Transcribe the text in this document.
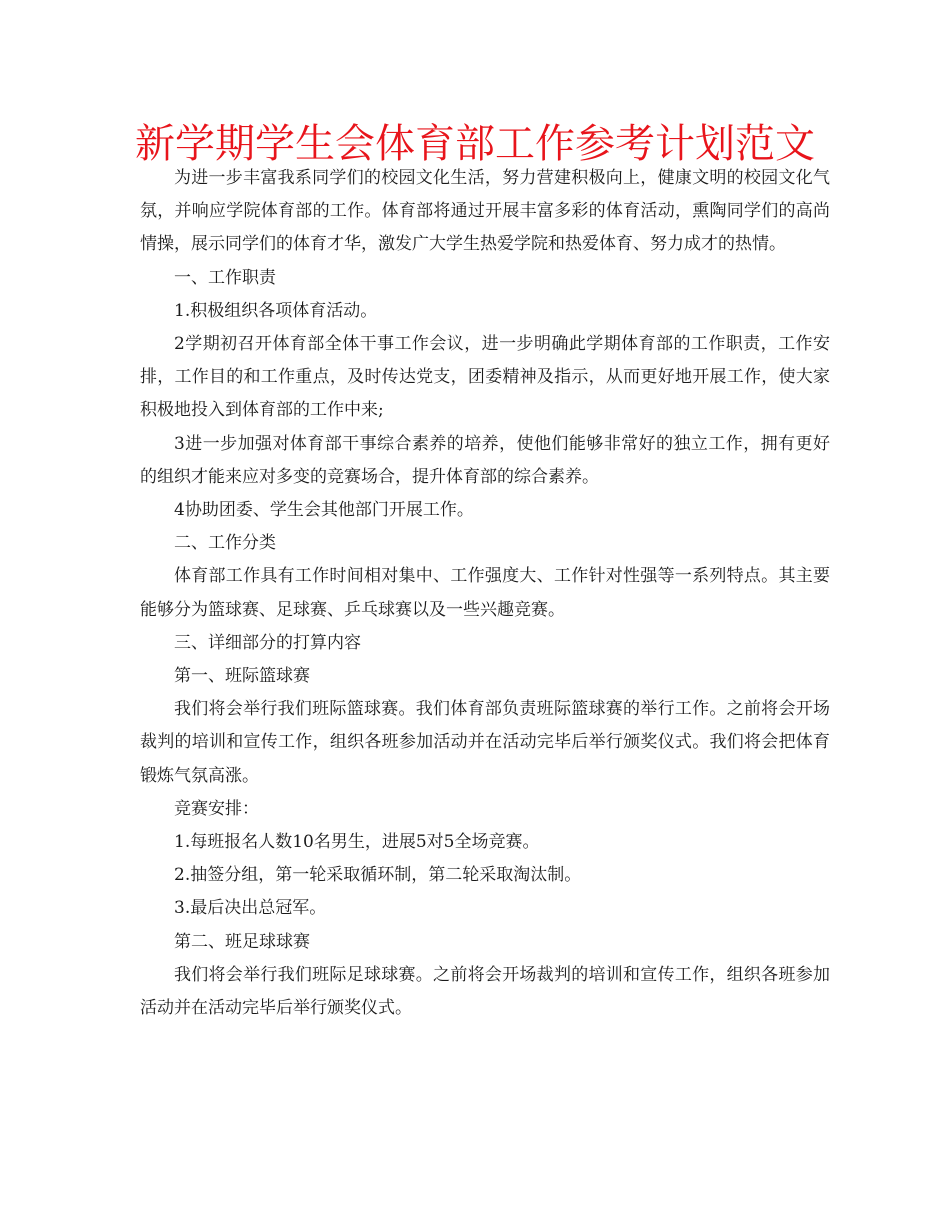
新学期学生会体育部工作参考计划范文

为进一步丰富我系同学们的校园文化生活，努力营建积极向上，健康文明的校园文化气氛，并响应学院体育部的工作。体育部将通过开展丰富多彩的体育活动，熏陶同学们的高尚情操，展示同学们的体育才华，激发广大学生热爱学院和热爱体育、努力成才的热情。

一、工作职责

1.积极组织各项体育活动。

2学期初召开体育部全体干事工作会议，进一步明确此学期体育部的工作职责，工作安排，工作目的和工作重点，及时传达党支，团委精神及指示，从而更好地开展工作，使大家积极地投入到体育部的工作中来;

3进一步加强对体育部干事综合素养的培养，使他们能够非常好的独立工作，拥有更好的组织才能来应对多变的竞赛场合，提升体育部的综合素养。

4协助团委、学生会其他部门开展工作。

二、工作分类

体育部工作具有工作时间相对集中、工作强度大、工作针对性强等一系列特点。其主要能够分为篮球赛、足球赛、乒乓球赛以及一些兴趣竞赛。

三、详细部分的打算内容

第一、班际篮球赛

我们将会举行我们班际篮球赛。我们体育部负责班际篮球赛的举行工作。之前将会开场裁判的培训和宣传工作，组织各班参加活动并在活动完毕后举行颁奖仪式。我们将会把体育锻炼气氛高涨。

竞赛安排：

1.每班报名人数10名男生，进展5对5全场竞赛。

2.抽签分组，第一轮采取循环制，第二轮采取淘汰制。

3.最后决出总冠军。

第二、班足球球赛

我们将会举行我们班际足球球赛。之前将会开场裁判的培训和宣传工作，组织各班参加活动并在活动完毕后举行颁奖仪式。
